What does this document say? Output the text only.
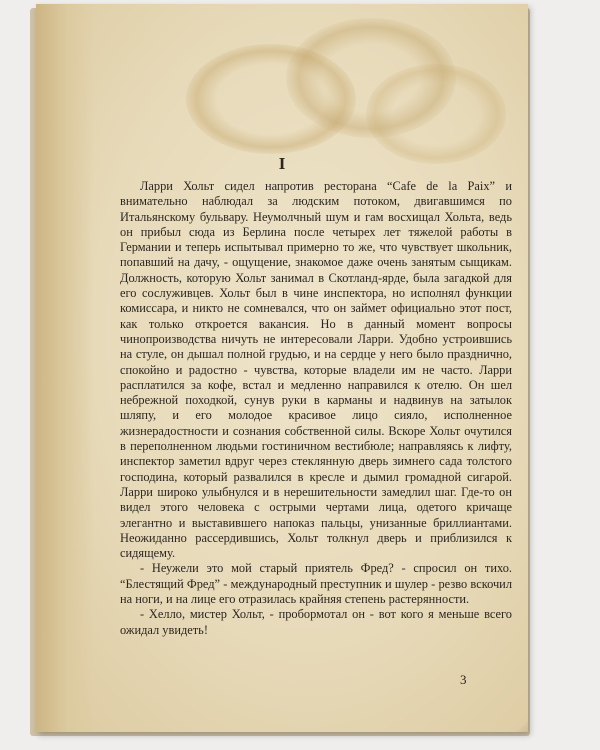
I

Ларри Хольт сидел напротив ресторана “Cafe de la Paix” и внимательно наблюдал за людским потоком, двигавшимся по Итальянскому бульвару. Неумолчный шум и гам восхищал Хольта, ведь он прибыл сюда из Берлина после четырех лет тяжелой работы в Германии и теперь испытывал примерно то же, что чувствует школьник, попавший на дачу, - ощущение, знакомое даже очень занятым сыщикам. Должность, которую Хольт занимал в Скотланд-ярде, была загадкой для его сослуживцев. Хольт был в чине инспектора, но исполнял функции комиссара, и никто не сомневался, что он займет официально этот пост, как только откроется вакансия. Но в данный момент вопросы чинопроизводства ничуть не интересовали Ларри. Удобно устроившись на стуле, он дышал полной грудью, и на сердце у него было празднично, спокойно и радостно - чувства, которые владели им не часто. Ларри расплатился за кофе, встал и медленно направился к отелю. Он шел небрежной походкой, сунув руки в карманы и надвинув на затылок шляпу, и его молодое красивое лицо сияло, исполненное жизнерадостности и сознания собственной силы. Вскоре Хольт очутился в переполненном людьми гостиничном вестибюле; направляясь к лифту, инспектор заметил вдруг через стеклянную дверь зимнего сада толстого господина, который развалился в кресле и дымил громадной сигарой. Ларри широко улыбнулся и в нерешительности замедлил шаг. Где-то он видел этого человека с острыми чертами лица, одетого кричаще элегантно и выставившего напоказ пальцы, унизанные бриллиантами. Неожиданно рассердившись, Хольт толкнул дверь и приблизился к сидящему.

- Неужели это мой старый приятель Фред? - спросил он тихо. “Блестящий Фред” - международный преступник и шулер - резво вскочил на ноги, и на лице его отразилась крайняя степень растерянности.

- Хелло, мистер Хольт, - пробормотал он - вот кого я меньше всего ожидал увидеть!

3
